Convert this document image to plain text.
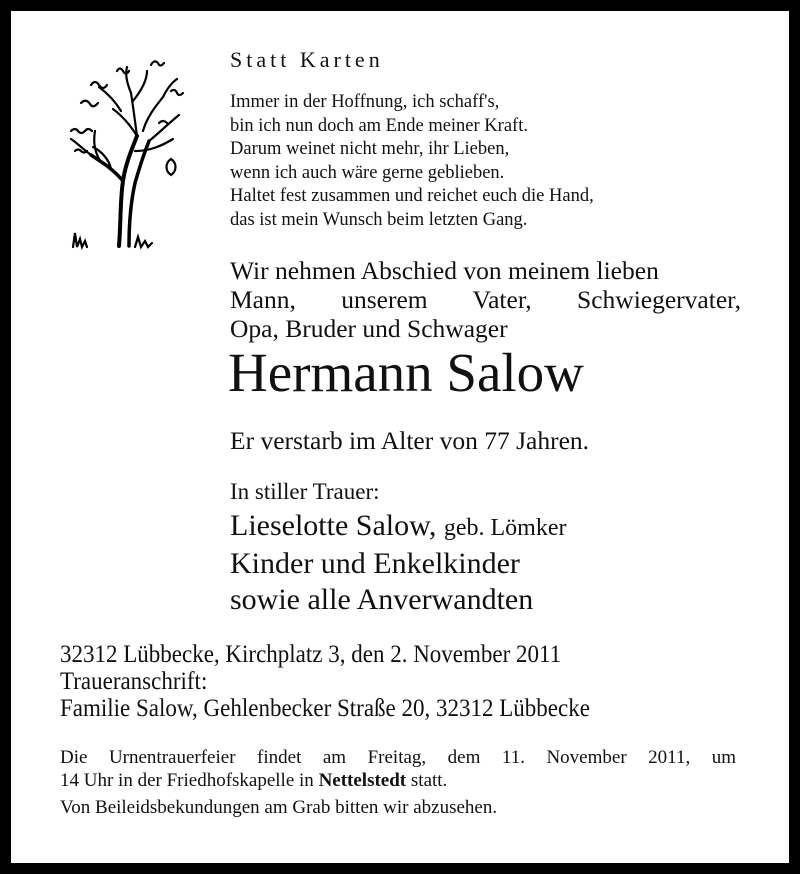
Statt Karten
Immer in der Hoffnung, ich schaff's,
bin ich nun doch am Ende meiner Kraft.
Darum weinet nicht mehr, ihr Lieben,
wenn ich auch wäre gerne geblieben.
Haltet fest zusammen und reichet euch die Hand,
das ist mein Wunsch beim letzten Gang.
Wir nehmen Abschied von meinem lieben
Mann, unserem Vater, Schwiegervater,
Opa, Bruder und Schwager
Hermann Salow
Er verstarb im Alter von 77 Jahren.
In stiller Trauer:
Lieselotte Salow, geb. Lömker
Kinder und Enkelkinder
sowie alle Anverwandten
32312 Lübbecke, Kirchplatz 3, den 2. November 2011
Traueranschrift:
Familie Salow, Gehlenbecker Straße 20, 32312 Lübbecke
Die Urnentrauerfeier findet am Freitag, dem 11. November 2011, um
14 Uhr in der Friedhofskapelle in Nettelstedt statt.
Von Beileidsbekundungen am Grab bitten wir abzusehen.
